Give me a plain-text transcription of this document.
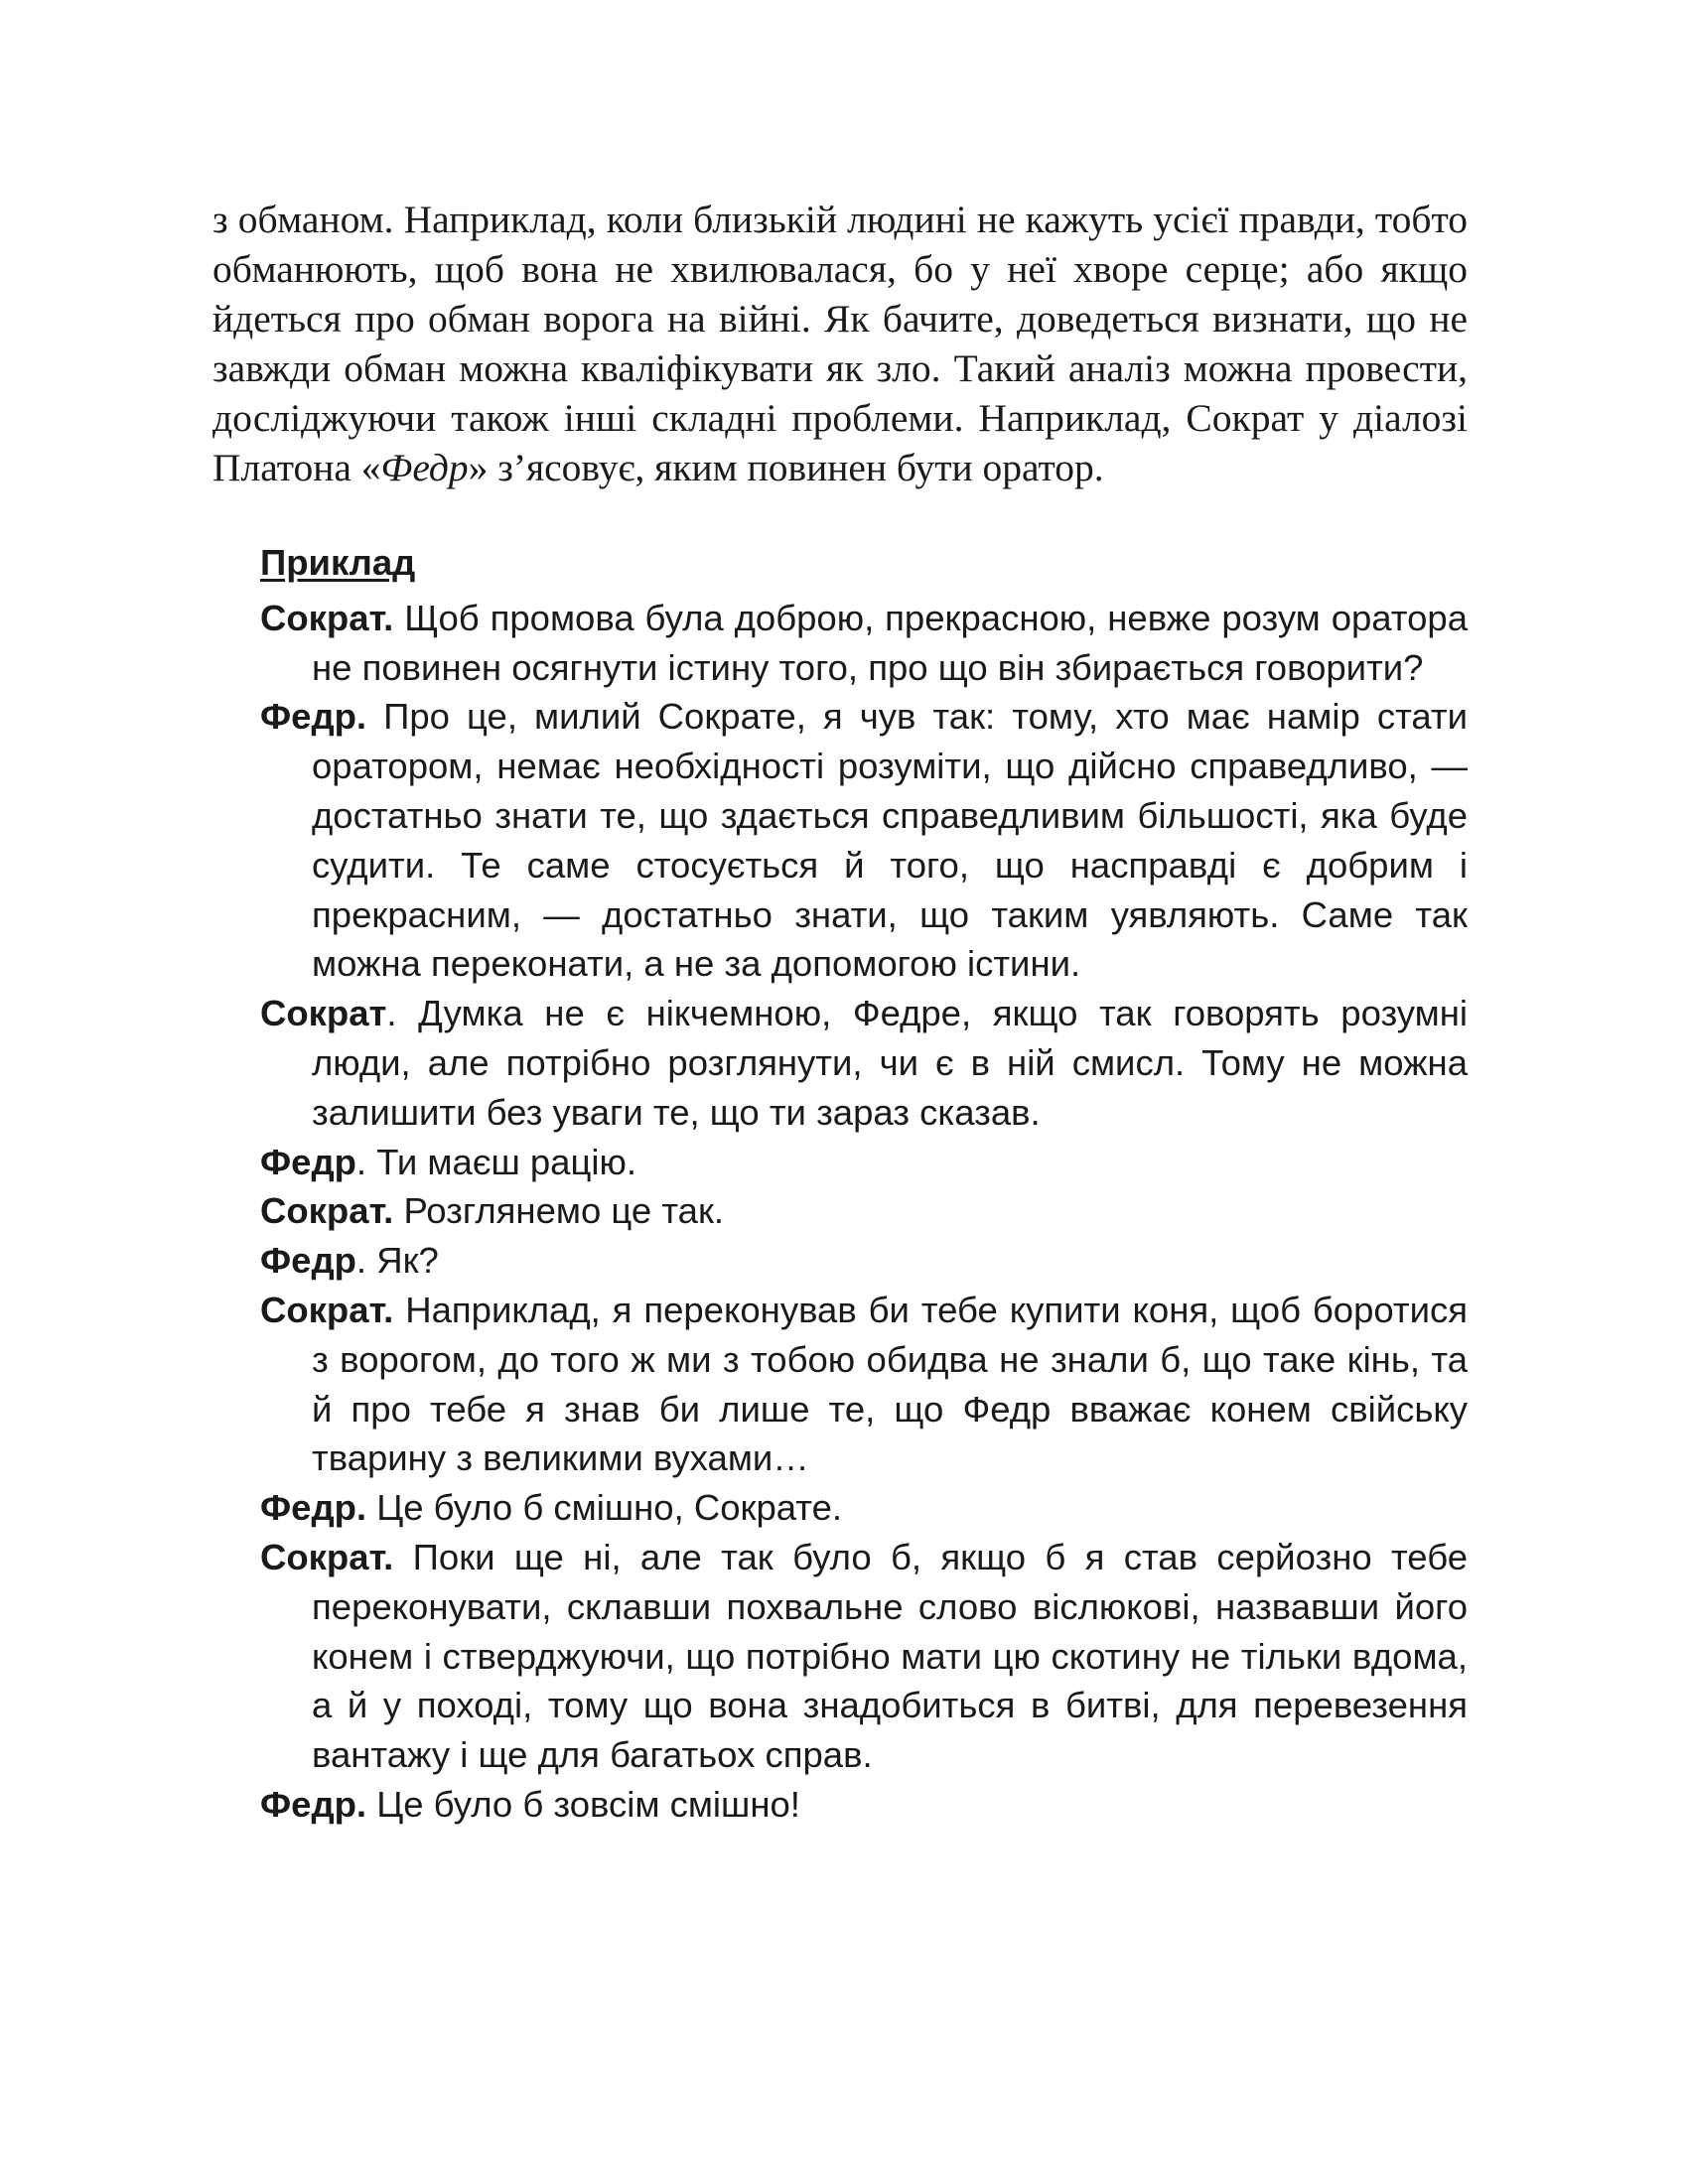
з обманом. Наприклад, коли близькій людині не кажуть усієї правди, тобто обманюють, щоб вона не хвилювалася, бо у неї хворе серце; або якщо йдеться про обман ворога на війні. Як бачите, доведеться визнати, що не завжди обман можна кваліфікувати як зло. Такий аналіз можна провести, досліджуючи також інші складні проблеми. Наприклад, Сократ у діалозі Платона «Федр» з’ясовує, яким повинен бути оратор.

Приклад

Сократ. Щоб промова була доброю, прекрасною, невже розум оратора не повинен осягнути істину того, про що він збирається говорити?

Федр. Про це, милий Сократе, я чув так: тому, хто має намір стати оратором, немає необхідності розуміти, що дійсно справедливо, — достатньо знати те, що здається справедливим більшості, яка буде судити. Те саме стосується й того, що насправді є добрим і прекрасним, — достатньо знати, що таким уявляють. Саме так можна переконати, а не за допомогою істини.

Сократ. Думка не є нікчемною, Федре, якщо так говорять розумні люди, але потрібно розглянути, чи є в ній смисл. Тому не можна залишити без уваги те, що ти зараз сказав.

Федр. Ти маєш рацію.

Сократ. Розглянемо це так.

Федр. Як?

Сократ. Наприклад, я переконував би тебе купити коня, щоб боротися з ворогом, до того ж ми з тобою обидва не знали б, що таке кінь, та й про тебе я знав би лише те, що Федр вважає конем свійську тварину з великими вухами…

Федр. Це було б смішно, Сократе.

Сократ. Поки ще ні, але так було б, якщо б я став серйозно тебе переконувати, склавши похвальне слово віслюкові, назвавши його конем і стверджуючи, що потрібно мати цю скотину не тільки вдома, а й у поході, тому що вона знадобиться в битві, для перевезення вантажу і ще для багатьох справ.

Федр. Це було б зовсім смішно!
